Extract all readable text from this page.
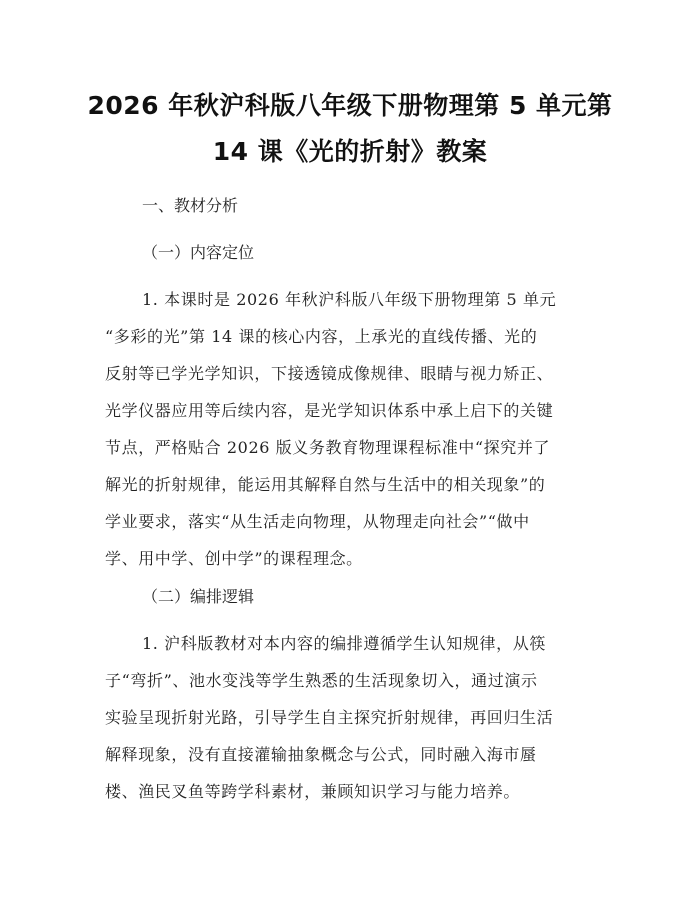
2026 年秋沪科版八年级下册物理第 5 单元第
14 课《光的折射》教案
一、教材分析
（一）内容定位
1. 本课时是 2026 年秋沪科版八年级下册物理第 5 单元
“多彩的光”第 14 课的核心内容，上承光的直线传播、光的
反射等已学光学知识，下接透镜成像规律、眼睛与视力矫正、
光学仪器应用等后续内容，是光学知识体系中承上启下的关键
节点，严格贴合 2026 版义务教育物理课程标准中“探究并了
解光的折射规律，能运用其解释自然与生活中的相关现象”的
学业要求，落实“从生活走向物理，从物理走向社会”“做中
学、用中学、创中学”的课程理念。
（二）编排逻辑
1. 沪科版教材对本内容的编排遵循学生认知规律，从筷
子“弯折”、池水变浅等学生熟悉的生活现象切入，通过演示
实验呈现折射光路，引导学生自主探究折射规律，再回归生活
解释现象，没有直接灌输抽象概念与公式，同时融入海市蜃
楼、渔民叉鱼等跨学科素材，兼顾知识学习与能力培养。
